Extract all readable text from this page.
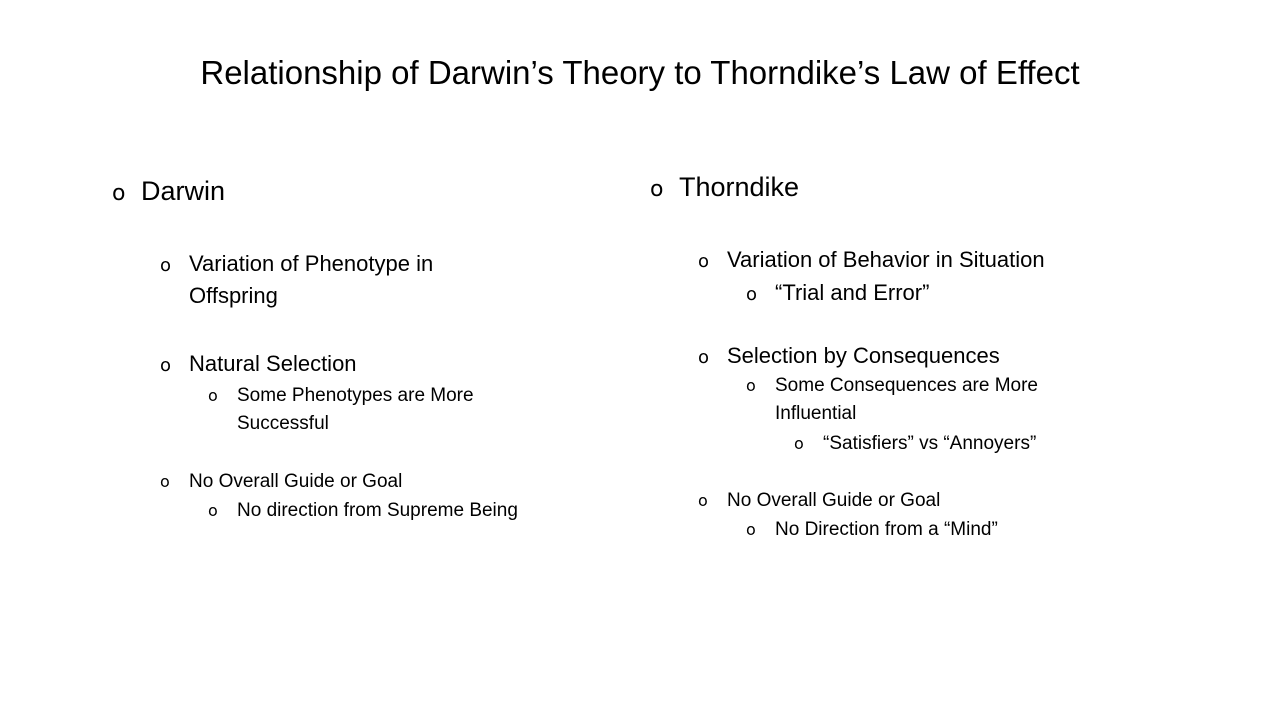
Relationship of Darwin’s Theory to Thorndike’s Law of Effect
o Darwin
o Variation of Phenotype in Offspring
o Natural Selection
o	Some Phenotypes are More Successful
o	No Overall Guide or Goal
o	No direction from Supreme Being
o Thorndike
o Variation of Behavior in Situation
o “Trial and Error”
o Selection by Consequences
o	Some Consequences are More Influential
o	“Satisfiers” vs “Annoyers”
o	No Overall Guide or Goal
o	No Direction from a “Mind”
